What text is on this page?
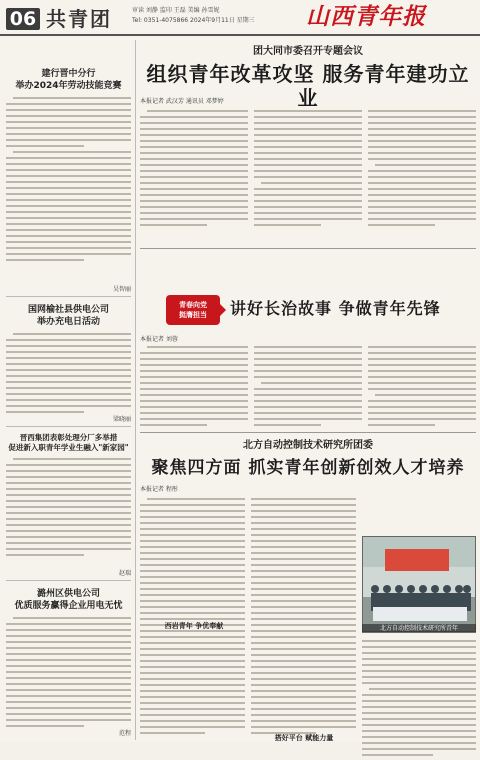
06 共青团	审读 刘静 监印 王磊 美编 孙雪妮
Tel: 0351-4075866 2024年9月11日 星期三 山西青年报

建行晋中分行
举办2024年劳动技能竞赛

吴智丽

国网榆社县供电公司
举办充电日活动

梁晓丽

晋西集团表彰处理分厂多举措
促进新入职青年学业生融入"新家园"

赵瑞

潞州区供电公司
优质服务赢得企业用电无忧

范程
团大同市委召开专题会议
组织青年改革攻坚 服务青年建功立业
本报记者 武汉芳 通讯员 邓梦婷
青春向党
挺膺担当	讲好长治故事 争做青年先锋
本报记者 刘蓉
北方自动控制技术研究所团委
聚焦四方面 抓实青年创新创效人才培养
本报记者 程彤
西岩青年 争优奉献
搭好平台 赋能力量
北方自动控制技术研究所青年
